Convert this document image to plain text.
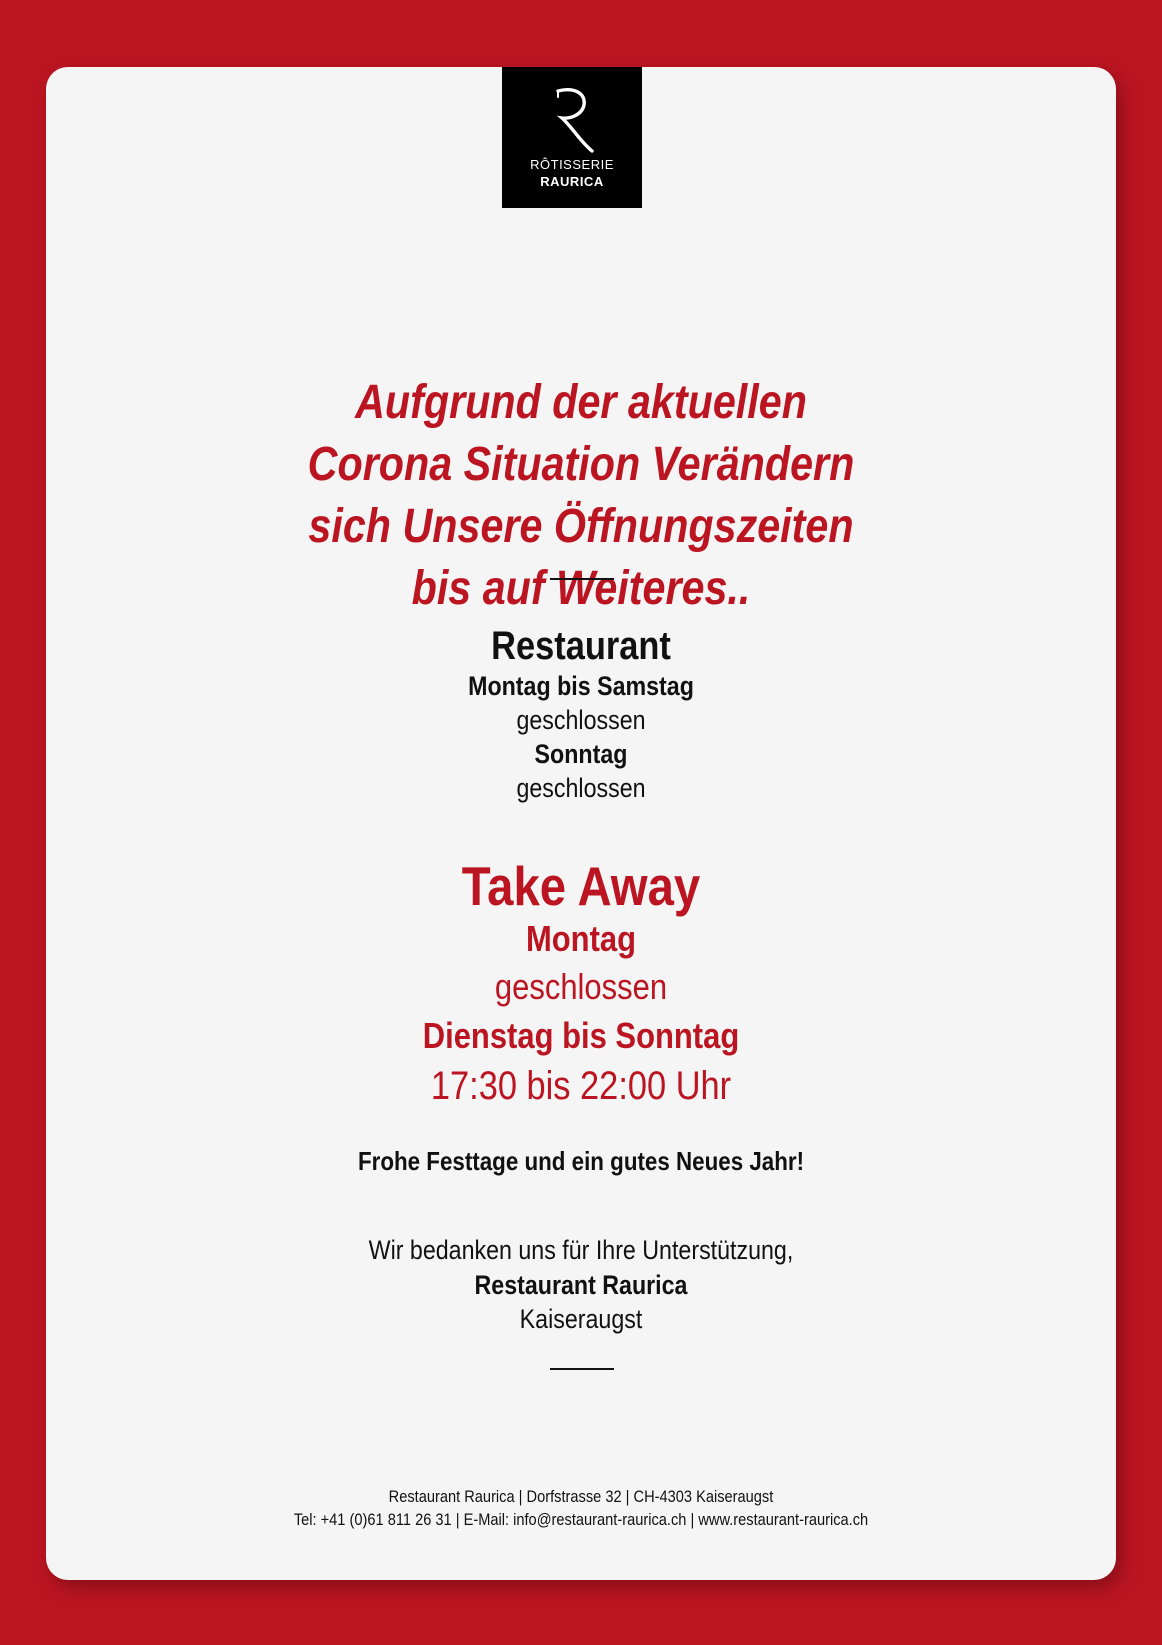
RÔTISSERIE
RAURICA
Aufgrund der aktuellen
Corona Situation Verändern
sich Unsere Öffnungszeiten
bis auf Weiteres..
Restaurant
Montag bis Samstag
geschlossen
Sonntag
geschlossen
Take Away
Montag
geschlossen
Dienstag bis Sonntag
17:30 bis 22:00 Uhr
Frohe Festtage und ein gutes Neues Jahr!
Wir bedanken uns für Ihre Unterstützung,
Restaurant Raurica
Kaiseraugst
Restaurant Raurica | Dorfstrasse 32 | CH-4303 Kaiseraugst
Tel: +41 (0)61 811 26 31 | E-Mail: info@restaurant-raurica.ch | www.restaurant-raurica.ch
